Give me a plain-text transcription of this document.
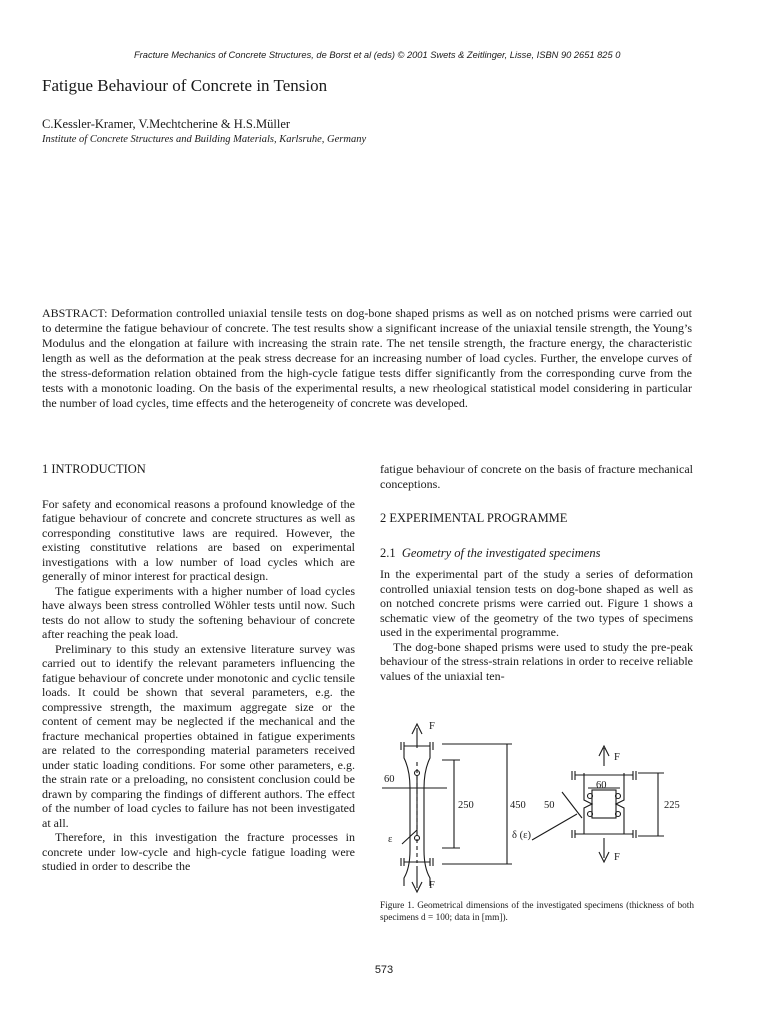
Fracture Mechanics of Concrete Structures, de Borst et al (eds) © 2001 Swets & Zeitlinger, Lisse, ISBN 90 2651 825 0
Fatigue Behaviour of Concrete in Tension
C.Kessler-Kramer, V.Mechtcherine & H.S.Müller
Institute of Concrete Structures and Building Materials, Karlsruhe, Germany

ABSTRACT: Deformation controlled uniaxial tensile tests on dog-bone shaped prisms as well as on notched prisms were carried out to determine the fatigue behaviour of concrete. The test results show a significant increase of the uniaxial tensile strength, the Young’s Modulus and the elongation at failure with increasing the strain rate. The net tensile strength, the fracture energy, the characteristic length as well as the deformation at the peak stress decrease for an increasing number of load cycles. Further, the envelope curves of the stress-deformation relation obtained from the high-cycle fatigue tests differ significantly from the corresponding curve from the tests with a monotonic loading. On the basis of the experimental results, a new rheological statistical model considering in particular the number of load cycles, time effects and the heterogeneity of concrete was developed.

1 INTRODUCTION

For safety and economical reasons a profound knowledge of the fatigue behaviour of concrete and concrete structures as well as corresponding constitutive laws are required. However, the existing constitutive relations are based on experimental investigations with a low number of load cycles which are generally of minor interest for practical design.

The fatigue experiments with a higher number of load cycles have always been stress controlled Wöhler tests until now. Such tests do not allow to study the softening behaviour of concrete after reaching the peak load.

Preliminary to this study an extensive literature survey was carried out to identify the relevant parameters influencing the fatigue behaviour of concrete under monotonic and cyclic tensile loads. It could be shown that several parameters, e.g. the compressive strength, the maximum aggregate size or the content of cement may be neglected if the mechanical and the fracture mechanical properties obtained in fatigue experiments are related to the corresponding material parameters received under static loading conditions. For some other parameters, e.g. the strain rate or a preloading, no consistent conclusion could be drawn by comparing the findings of different authors. The effect of the number of load cycles to failure has not been investigated at all.

Therefore, in this investigation the fracture processes in concrete under low-cycle and high-cycle fatigue loading were studied in order to describe the

fatigue behaviour of concrete on the basis of fracture mechanical conceptions.

2 EXPERIMENTAL PROGRAMME
2.1 Geometry of the investigated specimens

In the experimental part of the study a series of deformation controlled uniaxial tension tests on dog-bone shaped as well as on notched concrete prisms were carried out. Figure 1 shows a schematic view of the geometry of the two types of specimens used in the experimental programme.

The dog-bone shaped prisms were used to study the pre-peak behaviour of the stress-strain relations in order to receive reliable values of the uniaxial ten-

F
60
250	450
ε
F
F
60
50	225
δ (ε)
F

Figure 1. Geometrical dimensions of the investigated specimens (thickness of both specimens d = 100; data in [mm]).

573
